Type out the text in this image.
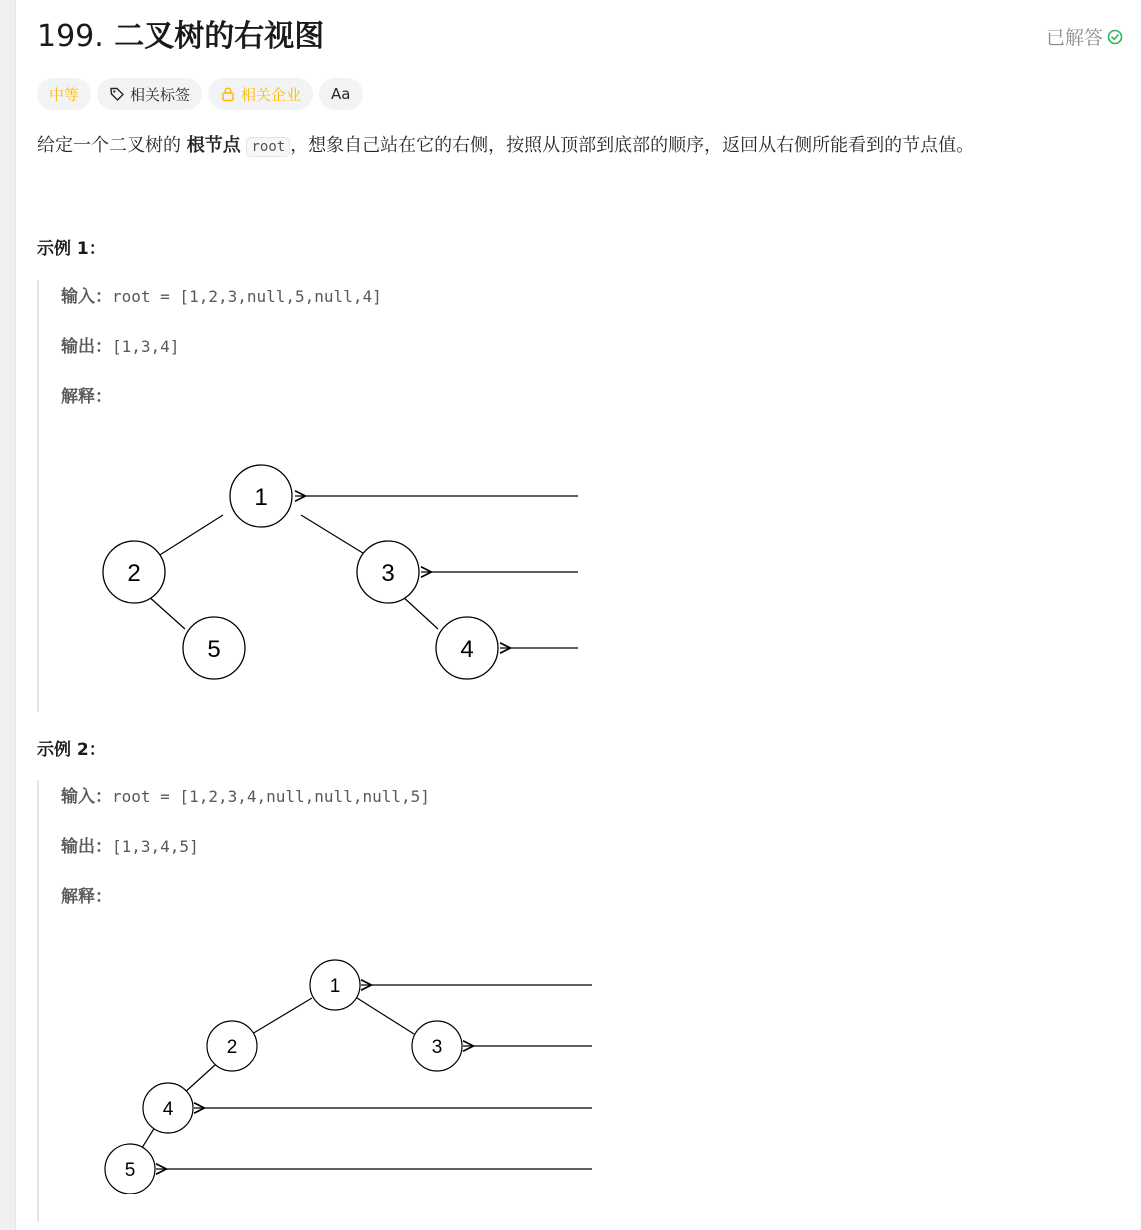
199. 二叉树的右视图	已解答
中等	相关标签	相关企业 Aa

给定一个二叉树的 根节点 root ，想象自己站在它的右侧，按照从顶部到底部的顺序，返回从右侧所能看到的节点值。

示例 1：

输入：root = [1,2,3,null,5,null,4]

输出：[1,3,4]

解释：

1
2	3
5	4

示例 2：

输入：root = [1,2,3,4,null,null,null,5]

输出：[1,3,4,5]

解释：

1
2	3
4
5
